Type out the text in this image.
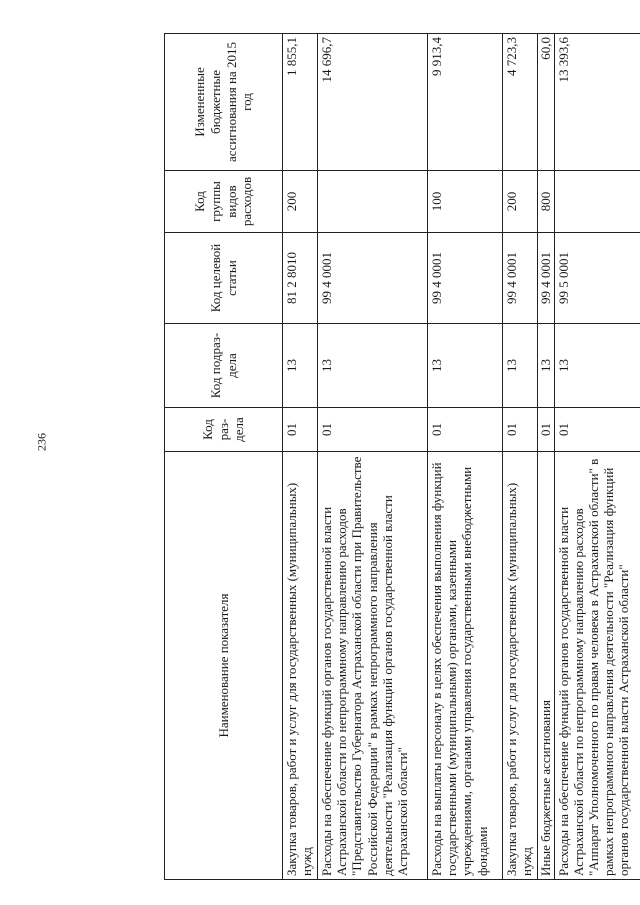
236
Наименование показателя	Код раз- дела	Код подраз- дела	Код целевой статьи	Код группы видов расходов	Измененные бюджетные ассигнования на 2015 год
Закупка товаров, работ и услуг для государственных (муниципальных) нужд	01	13	81 2 8010	200	1 855,1
Расходы на обеспечение функций органов государственной власти Астраханской области по непрограммному направлению расходов "Представительство Губернатора Астраханской области при Правительстве Российской Федерации" в рамках непрограммного направления деятельности "Реализация функций органов государственной власти Астраханской области"	01	13	99 4 0001		14 696,7
Расходы на выплаты персоналу в целях обеспечения выполнения функций государственными (муниципальными) органами, казенными учреждениями, органами управления государственными внебюджетными фондами	01	13	99 4 0001	100	9 913,4
Закупка товаров, работ и услуг для государственных (муниципальных) нужд	01	13	99 4 0001	200	4 723,3
Иные бюджетные ассигнования	01	13	99 4 0001	800	60,0
Расходы на обеспечение функций органов государственной власти Астраханской области по непрограммному направлению расходов "Аппарат Уполномоченного по правам человека в Астраханской области" в рамках непрограммного направления деятельности "Реализация функций органов государственной власти Астраханской области"	01	13	99 5 0001		13 393,6
